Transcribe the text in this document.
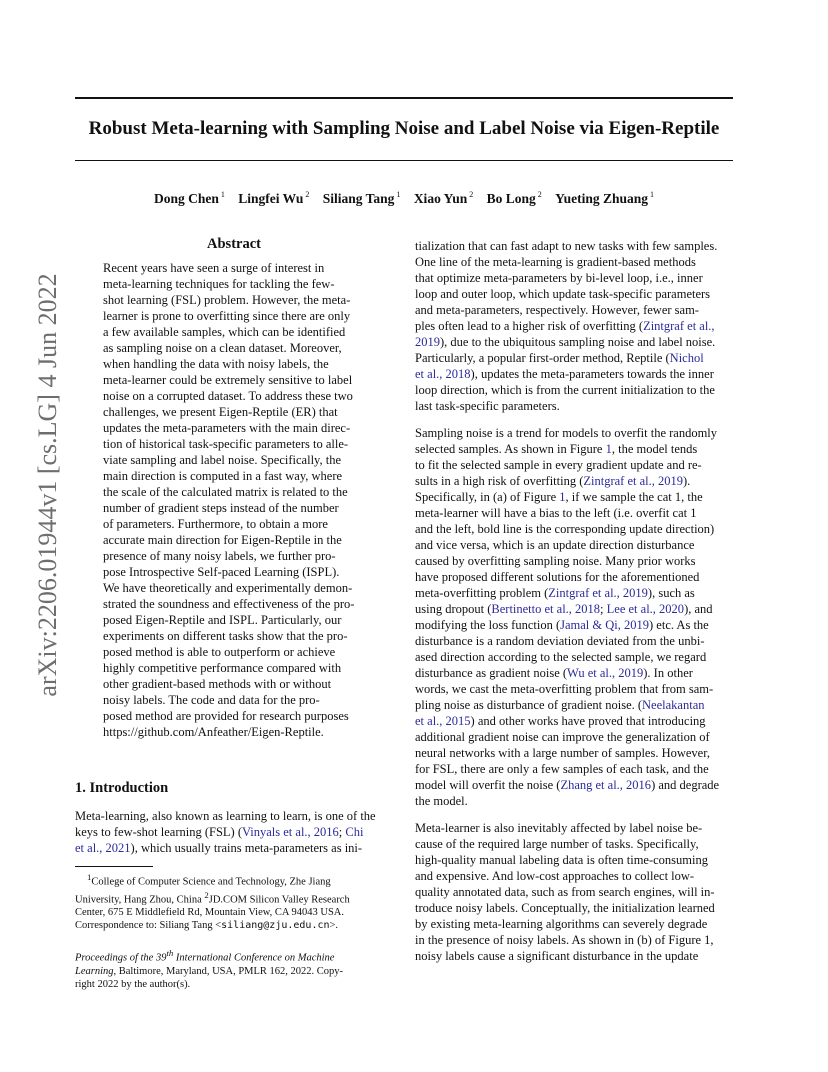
Robust Meta-learning with Sampling Noise and Label Noise via Eigen-Reptile
Dong Chen $^1$ Lingfei Wu $^2$ Siliang Tang $^1$ Xiao Yun $^2$ Bo Long $^2$ Yueting Zhuang $^1$
arXiv:2206.01944v1 [cs.LG] 4 Jun 2022
Abstract
Recent years have seen a surge of interest in
meta-learning techniques for tackling the few-
shot learning (FSL) problem. However, the meta-
learner is prone to overfitting since there are only
a few available samples, which can be identified
as sampling noise on a clean dataset. Moreover,
when handling the data with noisy labels, the
meta-learner could be extremely sensitive to label
noise on a corrupted dataset. To address these two
challenges, we present Eigen-Reptile (ER) that
updates the meta-parameters with the main direc-
tion of historical task-specific parameters to alle-
viate sampling and label noise. Specifically, the
main direction is computed in a fast way, where
the scale of the calculated matrix is related to the
number of gradient steps instead of the number
of parameters. Furthermore, to obtain a more
accurate main direction for Eigen-Reptile in the
presence of many noisy labels, we further pro-
pose Introspective Self-paced Learning (ISPL).
We have theoretically and experimentally demon-
strated the soundness and effectiveness of the pro-
posed Eigen-Reptile and ISPL. Particularly, our
experiments on different tasks show that the pro-
posed method is able to outperform or achieve
highly competitive performance compared with
other gradient-based methods with or without
noisy labels. The code and data for the pro-
posed method are provided for research purposes
https://github.com/Anfeather/Eigen-Reptile.
1. Introduction
Meta-learning, also known as learning to learn, is one of the
keys to few-shot learning (FSL) (Vinyals et al., 2016; Chi
et al., 2021), which usually trains meta-parameters as ini-

$^1$College of Computer Science and Technology, Zhe Jiang

University, Hang Zhou, China $^2$JD.COM Silicon Valley Research

Center, 675 E Middlefield Rd, Mountain View, CA 94043 USA.

Correspondence to: Siliang Tang <siliang@zju.edu.cn>.

Proceedings of the 39th International Conference on Machine
Learning, Baltimore, Maryland, USA, PMLR 162, 2022. Copy-
right 2022 by the author(s).

tialization that can fast adapt to new tasks with few samples.
One line of the meta-learning is gradient-based methods
that optimize meta-parameters by bi-level loop, i.e., inner
loop and outer loop, which update task-specific parameters
and meta-parameters, respectively. However, fewer sam-
ples often lead to a higher risk of overfitting (Zintgraf et al.,
2019), due to the ubiquitous sampling noise and label noise.
Particularly, a popular first-order method, Reptile (Nichol
et al., 2018), updates the meta-parameters towards the inner
loop direction, which is from the current initialization to the
last task-specific parameters.

Sampling noise is a trend for models to overfit the randomly
selected samples. As shown in Figure 1, the model tends
to fit the selected sample in every gradient update and re-
sults in a high risk of overfitting (Zintgraf et al., 2019).
Specifically, in (a) of Figure 1, if we sample the cat 1, the
meta-learner will have a bias to the left (i.e. overfit cat 1
and the left, bold line is the corresponding update direction)
and vice versa, which is an update direction disturbance
caused by overfitting sampling noise. Many prior works
have proposed different solutions for the aforementioned
meta-overfitting problem (Zintgraf et al., 2019), such as
using dropout (Bertinetto et al., 2018; Lee et al., 2020), and
modifying the loss function (Jamal & Qi, 2019) etc. As the
disturbance is a random deviation deviated from the unbi-
ased direction according to the selected sample, we regard
disturbance as gradient noise (Wu et al., 2019). In other
words, we cast the meta-overfitting problem that from sam-
pling noise as disturbance of gradient noise. (Neelakantan
et al., 2015) and other works have proved that introducing
additional gradient noise can improve the generalization of
neural networks with a large number of samples. However,
for FSL, there are only a few samples of each task, and the
model will overfit the noise (Zhang et al., 2016) and degrade
the model.

Meta-learner is also inevitably affected by label noise be-
cause of the required large number of tasks. Specifically,
high-quality manual labeling data is often time-consuming
and expensive. And low-cost approaches to collect low-
quality annotated data, such as from search engines, will in-
troduce noisy labels. Conceptually, the initialization learned
by existing meta-learning algorithms can severely degrade
in the presence of noisy labels. As shown in (b) of Figure 1,
noisy labels cause a significant disturbance in the update
